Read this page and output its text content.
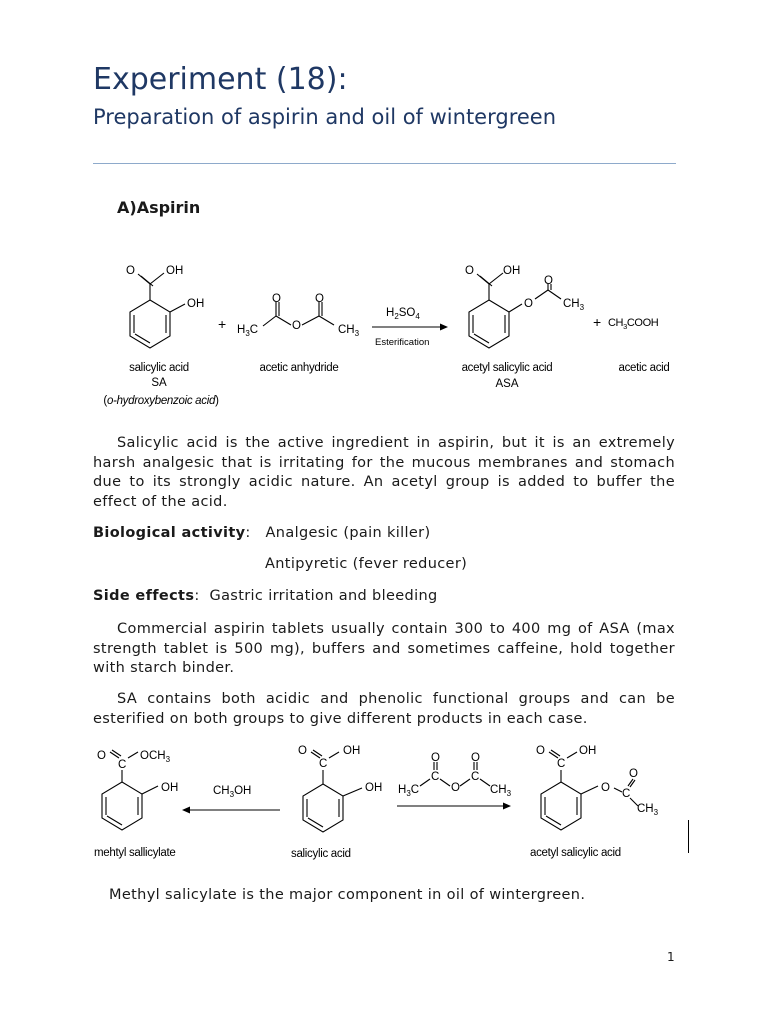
Experiment (18):
Preparation of aspirin and oil of wintergreen
A)Aspirin
O	OH
OH
+ $H_3C$	O
O	O
$CH_3$
$H_2SO_4$
Esterification
O	OH
O
O
$CH_3$
+ $CH_3COOH$
salicylic acid
SA
(o-hydroxybenzoic acid)
acetic anhydride	acetyl salicylic acid
ASA
acetic acid
O	$OCH_3$
C
OH	$CH_3OH$
O	OH
C
OH $H_3C$
C
O
O
C
O
$CH_3$
O	OH
C
O C
O
$CH_3$
mehtyl sallicylate	salicylic acid	acetyl salicylic acid

Salicylic acid is the active ingredient in aspirin, but it is an extremely harsh analgesic that is irritating for the mucous membranes and stomach due to its strongly acidic nature. An acetyl group is added to buffer the effect of the acid.

Biological activity:   Analgesic (pain killer)
Antipyretic (fever reducer)
Side effects:  Gastric irritation and bleeding

Commercial aspirin tablets usually contain 300 to 400 mg of ASA (max strength tablet is 500 mg), buffers and sometimes caffeine, hold together with starch binder.

SA contains both acidic and phenolic functional groups and can be esterified on both groups to give different products in each case.

Methyl salicylate is the major component in oil of wintergreen.
1
